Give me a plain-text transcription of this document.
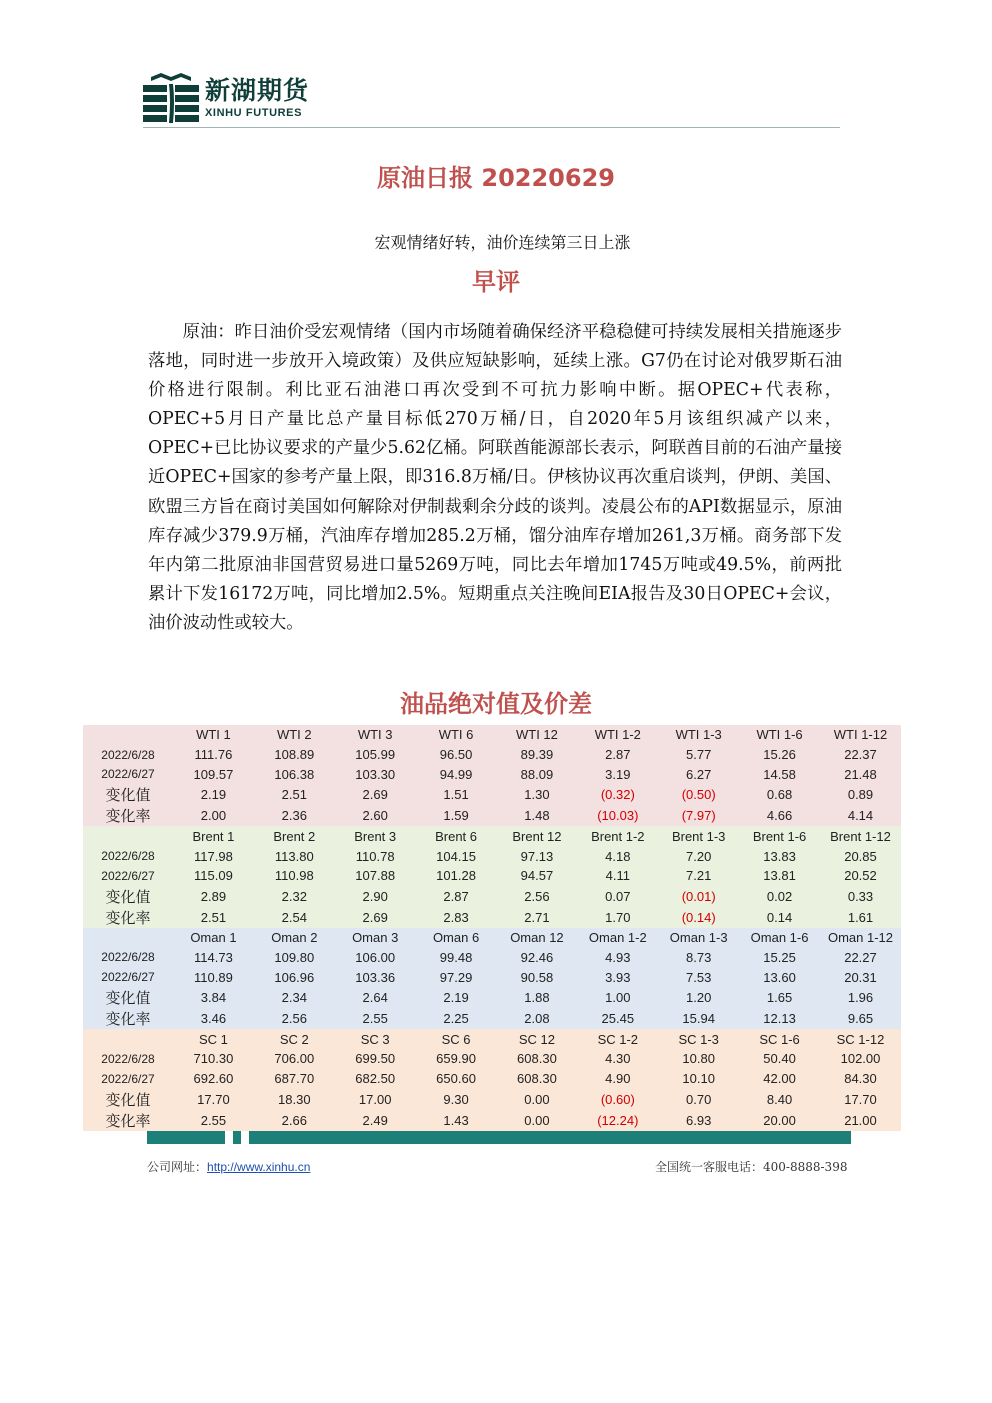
新湖期货
XINHU FUTURES
原油日报 20220629
宏观情绪好转，油价连续第三日上涨
早评

原油：昨日油价受宏观情绪（国内市场随着确保经济平稳稳健可持续发展相关措施逐步落地，同时进一步放开入境政策）及供应短缺影响，延续上涨。G7仍在讨论对俄罗斯石油价格进行限制。利比亚石油港口再次受到不可抗力影响中断。据OPEC+代表称，OPEC+5月日产量比总产量目标低270万桶/日，自2020年5月该组织减产以来，OPEC+已比协议要求的产量少5.62亿桶。阿联酋能源部长表示，阿联酋目前的石油产量接近OPEC+国家的参考产量上限，即316.8万桶/日。伊核协议再次重启谈判，伊朗、美国、欧盟三方旨在商讨美国如何解除对伊制裁剩余分歧的谈判。凌晨公布的API数据显示，原油库存减少379.9万桶，汽油库存增加285.2万桶，馏分油库存增加261,3万桶。商务部下发年内第二批原油非国营贸易进口量5269万吨，同比去年增加1745万吨或49.5%，前两批累计下发16172万吨，同比增加2.5%。短期重点关注晚间EIA报告及30日OPEC+会议，油价波动性或较大。

油品绝对值及价差
	WTI 1	WTI 2	WTI 3	WTI 6	WTI 12	WTI 1-2	WTI 1-3	WTI 1-6	WTI 1-12
2022/6/28	111.76	108.89	105.99	96.50	89.39	2.87	5.77	15.26	22.37
2022/6/27	109.57	106.38	103.30	94.99	88.09	3.19	6.27	14.58	21.48
变化值	2.19	2.51	2.69	1.51	1.30	(0.32)	(0.50)	0.68	0.89
变化率	2.00	2.36	2.60	1.59	1.48	(10.03)	(7.97)	4.66	4.14
	Brent 1	Brent 2	Brent 3	Brent 6	Brent 12	Brent 1-2	Brent 1-3	Brent 1-6	Brent 1-12
2022/6/28	117.98	113.80	110.78	104.15	97.13	4.18	7.20	13.83	20.85
2022/6/27	115.09	110.98	107.88	101.28	94.57	4.11	7.21	13.81	20.52
变化值	2.89	2.32	2.90	2.87	2.56	0.07	(0.01)	0.02	0.33
变化率	2.51	2.54	2.69	2.83	2.71	1.70	(0.14)	0.14	1.61
	Oman 1	Oman 2	Oman 3	Oman 6	Oman 12	Oman 1-2	Oman 1-3	Oman 1-6	Oman 1-12
2022/6/28	114.73	109.80	106.00	99.48	92.46	4.93	8.73	15.25	22.27
2022/6/27	110.89	106.96	103.36	97.29	90.58	3.93	7.53	13.60	20.31
变化值	3.84	2.34	2.64	2.19	1.88	1.00	1.20	1.65	1.96
变化率	3.46	2.56	2.55	2.25	2.08	25.45	15.94	12.13	9.65
	SC 1	SC 2	SC 3	SC 6	SC 12	SC 1-2	SC 1-3	SC 1-6	SC 1-12
2022/6/28	710.30	706.00	699.50	659.90	608.30	4.30	10.80	50.40	102.00
2022/6/27	692.60	687.70	682.50	650.60	608.30	4.90	10.10	42.00	84.30
变化值	17.70	18.30	17.00	9.30	0.00	(0.60)	0.70	8.40	17.70
变化率	2.55	2.66	2.49	1.43	0.00	(12.24)	6.93	20.00	21.00
公司网址：http://www.xinhu.cn	全国统一客服电话：400-8888-398
